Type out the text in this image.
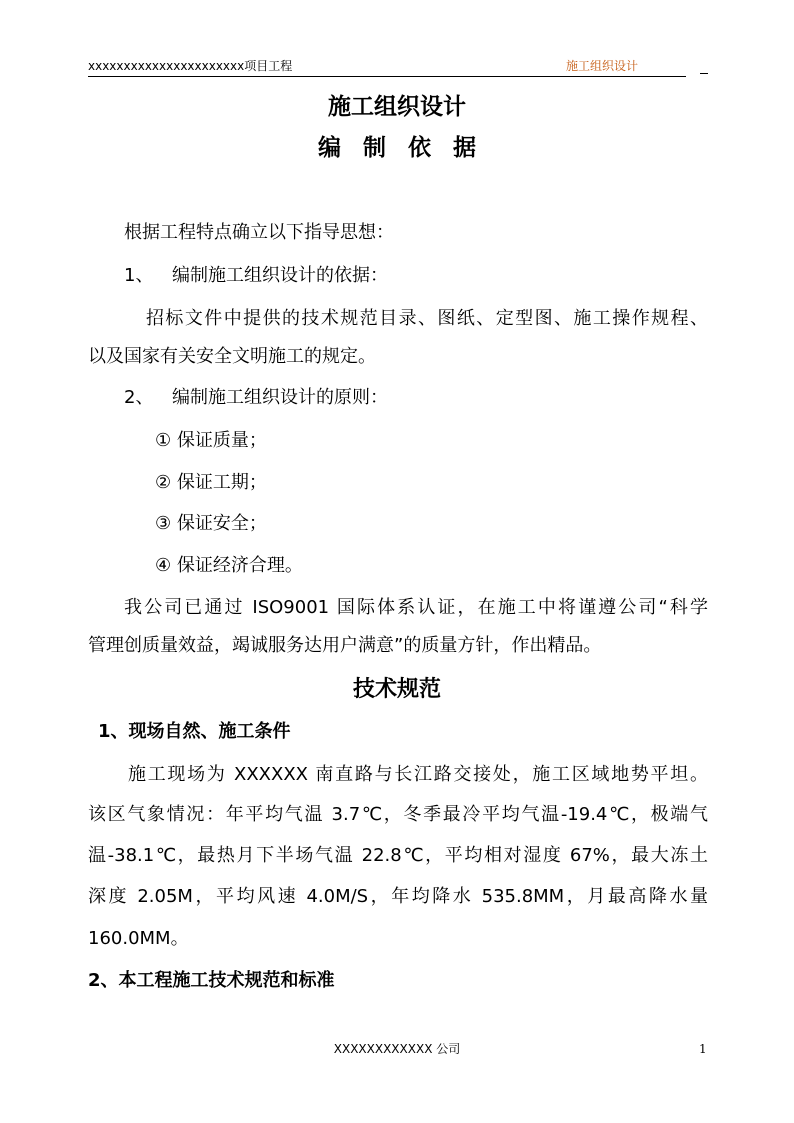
xxxxxxxxxxxxxxxxxxxxxx项目工程	施工组织设计
施工组织设计
编制依据
根据工程特点确立以下指导思想：
1、 编制施工组织设计的依据：
招标文件中提供的技术规范目录、图纸、定型图、施工操作规程、
以及国家有关安全文明施工的规定。
2、 编制施工组织设计的原则：
① 保证质量；
② 保证工期；
③ 保证安全；
④ 保证经济合理。
我公司已通过 ISO9001 国际体系认证，在施工中将谨遵公司“科学
管理创质量效益，竭诚服务达用户满意”的质量方针，作出精品。
技术规范
1、现场自然、施工条件
施工现场为 XXXXXX 南直路与长江路交接处，施工区域地势平坦。
该区气象情况：年平均气温 3.7℃，冬季最冷平均气温-19.4℃，极端气
温-38.1℃，最热月下半场气温 22.8℃，平均相对湿度 67%，最大冻土
深度 2.05M，平均风速 4.0M/S，年均降水 535.8MM，月最高降水量
160.0MM。
2、本工程施工技术规范和标准
XXXXXXXXXXXX 公司	1
